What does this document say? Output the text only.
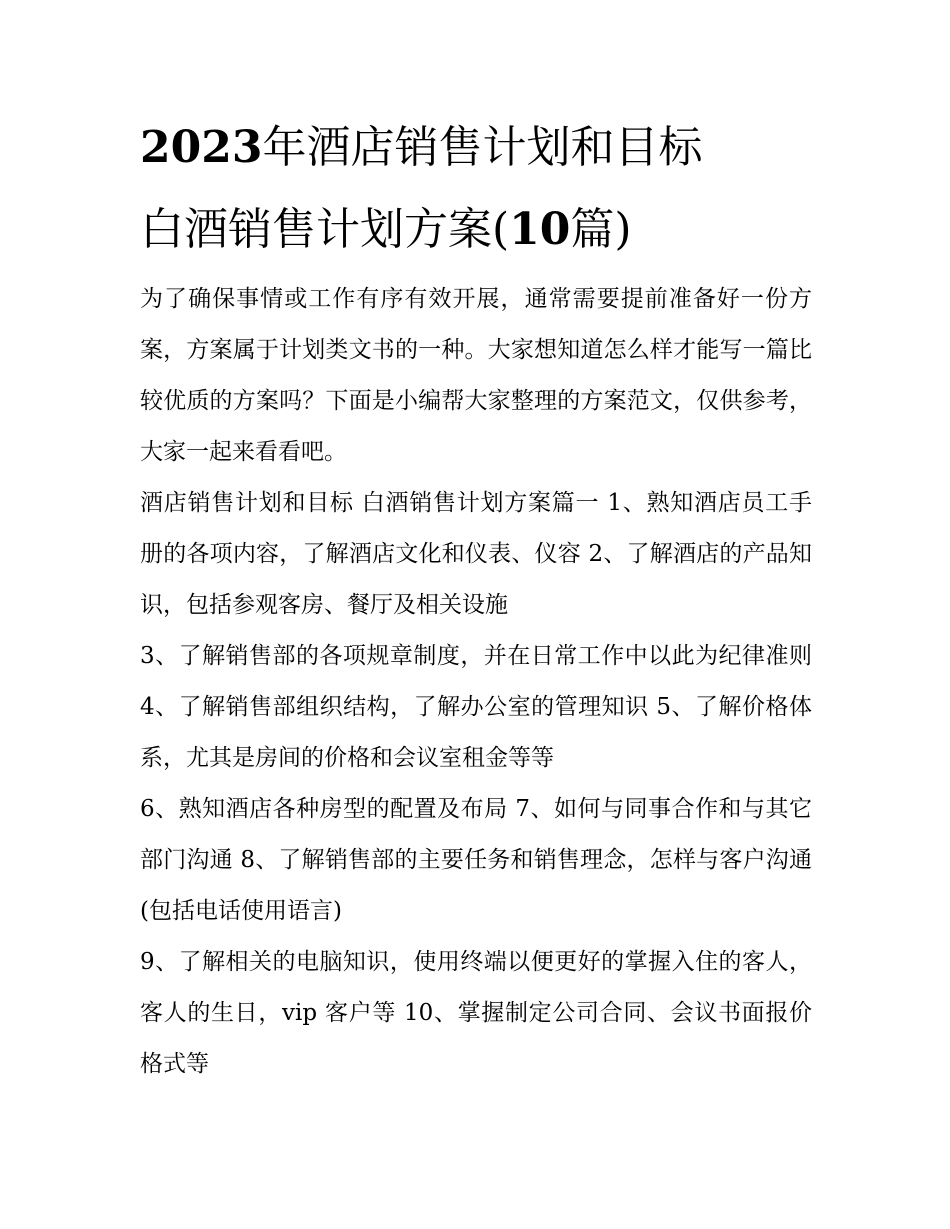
2023年酒店销售计划和目标
白酒销售计划方案(10篇)

为了确保事情或工作有序有效开展，通常需要提前准备好一份方案，方案属于计划类文书的一种。大家想知道怎么样才能写一篇比较优质的方案吗？下面是小编帮大家整理的方案范文，仅供参考，大家一起来看看吧。

酒店销售计划和目标 白酒销售计划方案篇一 1、熟知酒店员工手册的各项内容，了解酒店文化和仪表、仪容 2、了解酒店的产品知识，包括参观客房、餐厅及相关设施

3、了解销售部的各项规章制度，并在日常工作中以此为纪律准则 4、了解销售部组织结构，了解办公室的管理知识 5、了解价格体系，尤其是房间的价格和会议室租金等等

6、熟知酒店各种房型的配置及布局 7、如何与同事合作和与其它部门沟通 8、了解销售部的主要任务和销售理念，怎样与客户沟通(包括电话使用语言)

9、了解相关的电脑知识，使用终端以便更好的掌握入住的客人，客人的生日，vip 客户等 10、掌握制定公司合同、会议书面报价格式等
